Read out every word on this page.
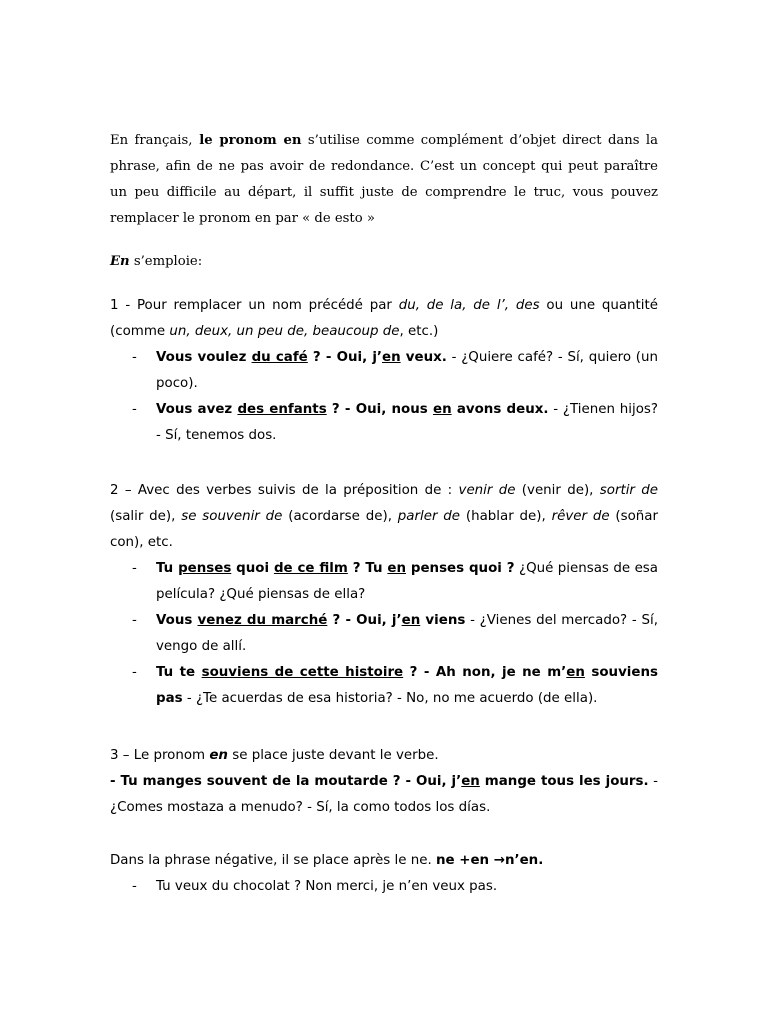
En français, le pronom en s’utilise comme complément d’objet direct dans la phrase, afin de ne pas avoir de redondance. C’est un concept qui peut paraître un peu difficile au départ, il suffit juste de comprendre le truc, vous pouvez remplacer le pronom en par « de esto »
En s’emploie:
1 - Pour remplacer un nom précédé par du, de la, de l’, des ou une quantité (comme un, deux, un peu de, beaucoup de, etc.)
- Vous voulez du café ? - Oui, j’en veux. - ¿Quiere café? - Sí, quiero (un poco).
- Vous avez des enfants ? - Oui, nous en avons deux. - ¿Tienen hijos? - Sí, tenemos dos.
2 – Avec des verbes suivis de la préposition de : venir de (venir de), sortir de (salir de), se souvenir de (acordarse de), parler de (hablar de), rêver de (soñar con), etc.
- Tu penses quoi de ce film ? Tu en penses quoi ? ¿Qué piensas de esa película? ¿Qué piensas de ella?
- Vous venez du marché ? - Oui, j’en viens - ¿Vienes del mercado? - Sí, vengo de allí.
- Tu te souviens de cette histoire ? - Ah non, je ne m’en souviens pas - ¿Te acuerdas de esa historia? - No, no me acuerdo (de ella).
3 – Le pronom en se place juste devant le verbe.
- Tu manges souvent de la moutarde ? - Oui, j’en mange tous les jours. - ¿Comes mostaza a menudo? - Sí, la como todos los días.
Dans la phrase négative, il se place après le ne. ne +en →n’en.
- Tu veux du chocolat ? Non merci, je n’en veux pas.
